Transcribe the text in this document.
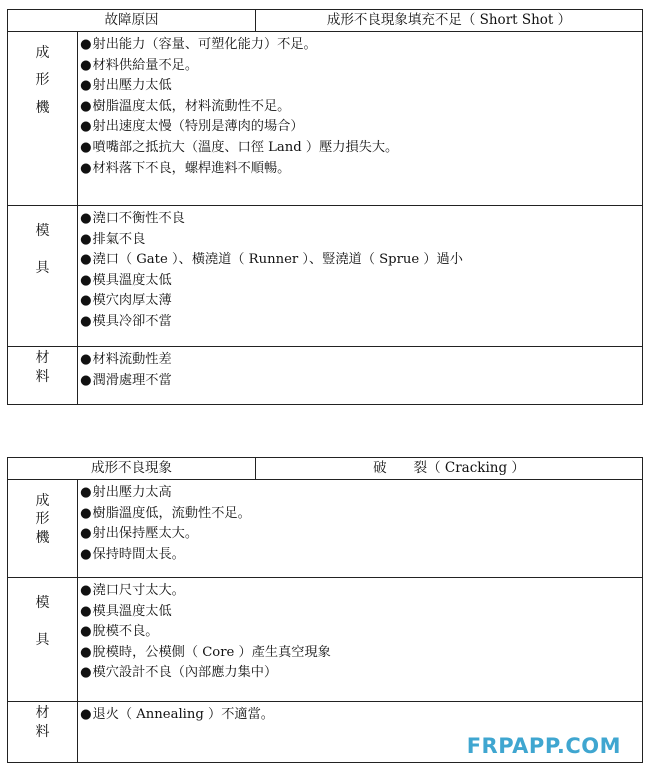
故障原因	成形不良現象填充不足（ Short Shot ）
成
形
機
● 射出能力（容量、可塑化能力）不足。
● 材料供給量不足。
● 射出壓力太低
● 樹脂溫度太低，材料流動性不足。
● 射出速度太慢（特別是薄肉的場合）
● 噴嘴部之抵抗大（溫度、口徑 Land ）壓力損失大。
● 材料落下不良，螺桿進料不順暢。
模
具
● 澆口不衡性不良
● 排氣不良
● 澆口（ Gate ）、橫澆道（ Runner ）、豎澆道（ Sprue ）過小
● 模具溫度太低
● 模穴肉厚太薄
● 模具冷卻不當
材
料
● 材料流動性差
● 潤滑處理不當
成形不良現象	破　　裂（ Cracking ）
成
形
機
● 射出壓力太高
● 樹脂溫度低，流動性不足。
● 射出保持壓太大。
● 保持時間太長。
模
具
● 澆口尺寸太大。
● 模具溫度太低
● 脫模不良。
● 脫模時，公模側（ Core ）產生真空現象
● 模穴設計不良（內部應力集中）
材
料
● 退火（ Annealing ）不適當。
FRPAPP.COM
